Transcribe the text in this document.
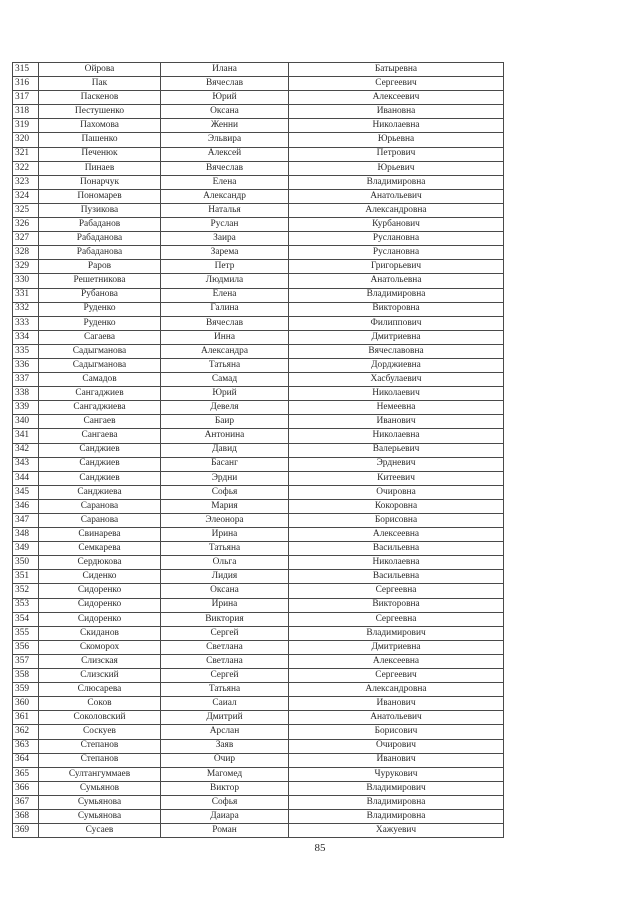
315	Ойрова	Илана	Батыревна
316	Пак	Вячеслав	Сергеевич
317	Паскенов	Юрий	Алексеевич
318	Пестушенко	Оксана	Ивановна
319	Пахомова	Женни	Николаевна
320	Пашенко	Эльвира	Юрьевна
321	Печенюк	Алексей	Петрович
322	Пинаев	Вячеслав	Юрьевич
323	Понарчук	Елена	Владимировна
324	Пономарев	Александр	Анатольевич
325	Пузикова	Наталья	Александровна
326	Рабаданов	Руслан	Курбанович
327	Рабаданова	Заира	Руслановна
328	Рабаданова	Зарема	Руслановна
329	Раров	Петр	Григорьевич
330	Решетникова	Людмила	Анатольевна
331	Рубанова	Елена	Владимировна
332	Руденко	Галина	Викторовна
333	Руденко	Вячеслав	Филиппович
334	Сагаева	Инна	Дмитриевна
335	Садыгманова	Александра	Вячеславовна
336	Садыгманова	Татьяна	Дорджиевна
337	Самадов	Самад	Хасбулаевич
338	Сангаджиев	Юрий	Николаевич
339	Сангаджиева	Девеля	Немеевна
340	Сангаев	Баир	Иванович
341	Сангаева	Антонина	Николаевна
342	Санджиев	Давид	Валерьевич
343	Санджиев	Басанг	Эрдневич
344	Санджиев	Эрдни	Китеевич
345	Санджиева	Софья	Очировна
346	Саранова	Мария	Кокоровна
347	Саранова	Элеонора	Борисовна
348	Свинарева	Ирина	Алексеевна
349	Семкарева	Татьяна	Васильевна
350	Сердюкова	Ольга	Николаевна
351	Сиденко	Лидия	Васильевна
352	Сидоренко	Оксана	Сергеевна
353	Сидоренко	Ирина	Викторовна
354	Сидоренко	Виктория	Сергеевна
355	Скиданов	Сергей	Владимирович
356	Скоморох	Светлана	Дмитриевна
357	Слизская	Светлана	Алексеевна
358	Слизский	Сергей	Сергеевич
359	Слюсарева	Татьяна	Александровна
360	Соков	Саиал	Иванович
361	Соколовский	Дмитрий	Анатольевич
362	Соскуев	Арслан	Борисович
363	Степанов	Заяв	Очирович
364	Степанов	Очир	Иванович
365	Султангуммаев	Магомед	Чурукович
366	Сумьянов	Виктор	Владимирович
367	Сумьянова	Софья	Владимировна
368	Сумьянова	Даиара	Владимировна
369	Сусаев	Роман	Хажуевич
85
